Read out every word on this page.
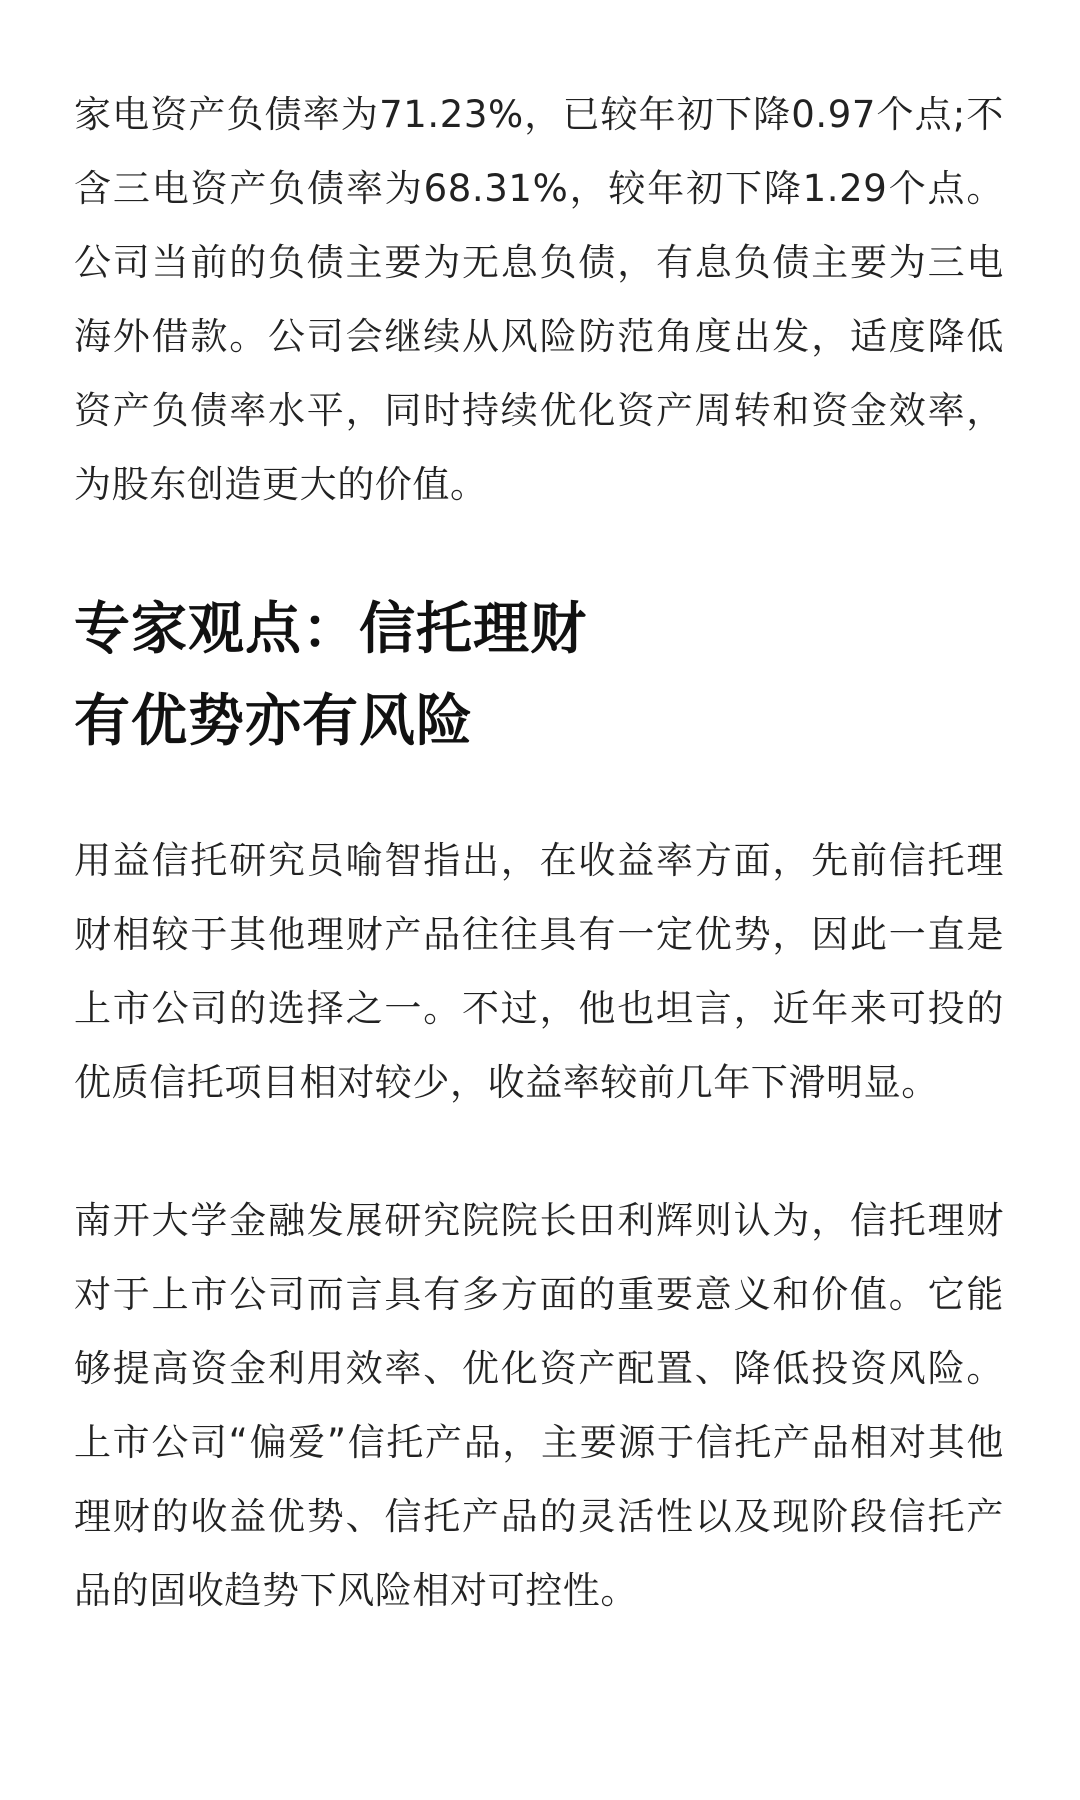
家电资产负债率为71.23%，已较年初下降0.97个点;不含三电资产负债率为68.31%，较年初下降1.29个点。公司当前的负债主要为无息负债，有息负债主要为三电海外借款。公司会继续从风险防范角度出发，适度降低资产负债率水平，同时持续优化资产周转和资金效率，为股东创造更大的价值。

专家观点：信托理财
有优势亦有风险

用益信托研究员喻智指出，在收益率方面，先前信托理财相较于其他理财产品往往具有一定优势，因此一直是上市公司的选择之一。不过，他也坦言，近年来可投的优质信托项目相对较少，收益率较前几年下滑明显。

南开大学金融发展研究院院长田利辉则认为，信托理财对于上市公司而言具有多方面的重要意义和价值。它能够提高资金利用效率、优化资产配置、降低投资风险。上市公司“偏爱”信托产品，主要源于信托产品相对其他理财的收益优势、信托产品的灵活性以及现阶段信托产品的固收趋势下风险相对可控性。
